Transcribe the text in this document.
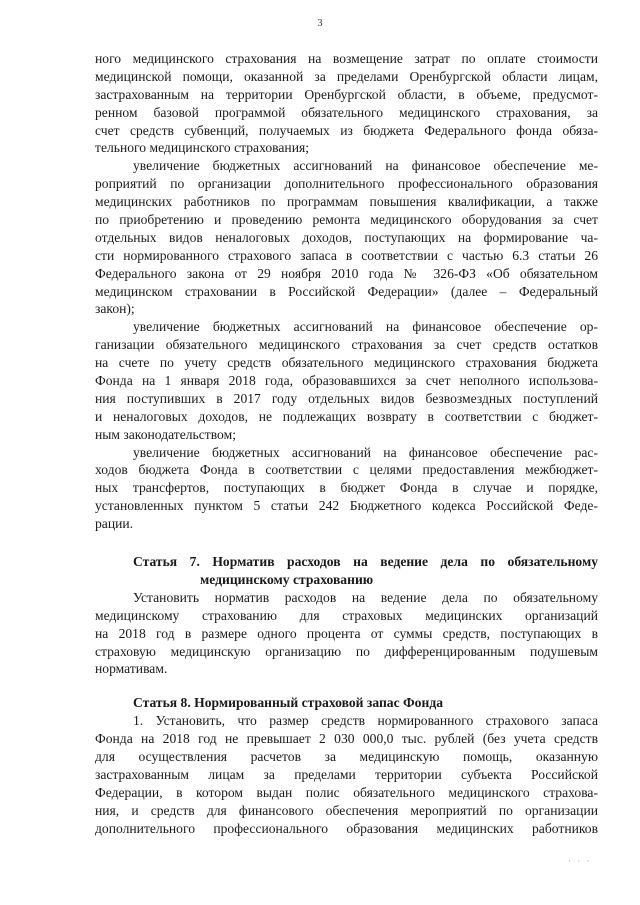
3
ного медицинского страхования на возмещение затрат по оплате стоимости
медицинской помощи, оказанной за пределами Оренбургской области лицам,
застрахованным на территории Оренбургской области, в объеме, предусмот-
ренном базовой программой обязательного медицинского страхования, за
счет средств субвенций, получаемых из бюджета Федерального фонда обяза-
тельного медицинского страхования;
увеличение бюджетных ассигнований на финансовое обеспечение ме-
роприятий по организации дополнительного профессионального образования
медицинских работников по программам повышения квалификации, а также
по приобретению и проведению ремонта медицинского оборудования за счет
отдельных видов неналоговых доходов, поступающих на формирование ча-
сти нормированного страхового запаса в соответствии с частью 6.3 статьи 26
Федерального закона от 29 ноября 2010 года № 326-ФЗ «Об обязательном
медицинском страховании в Российской Федерации» (далее – Федеральный
закон);
увеличение бюджетных ассигнований на финансовое обеспечение ор-
ганизации обязательного медицинского страхования за счет средств остатков
на счете по учету средств обязательного медицинского страхования бюджета
Фонда на 1 января 2018 года, образовавшихся за счет неполного использова-
ния поступивших в 2017 году отдельных видов безвозмездных поступлений
и неналоговых доходов, не подлежащих возврату в соответствии с бюджет-
ным законодательством;
увеличение бюджетных ассигнований на финансовое обеспечение рас-
ходов бюджета Фонда в соответствии с целями предоставления межбюджет-
ных трансфертов, поступающих в бюджет Фонда в случае и порядке,
установленных пунктом 5 статьи 242 Бюджетного кодекса Российской Феде-
рации.
Статья 7. Норматив расходов на ведение дела по обязательному
медицинскому страхованию
Установить норматив расходов на ведение дела по обязательному
медицинскому страхованию для страховых медицинских организаций
на 2018 год в размере одного процента от суммы средств, поступающих в
страховую медицинскую организацию по дифференцированным подушевым
нормативам.
Статья 8. Нормированный страховой запас Фонда
1. Установить, что размер средств нормированного страхового запаса
Фонда на 2018 год не превышает 2 030 000,0 тыс. рублей (без учета средств
для осуществления расчетов за медицинскую помощь, оказанную
застрахованным лицам за пределами территории субъекта Российской
Федерации, в котором выдан полис обязательного медицинского страхова-
ния, и средств для финансового обеспечения мероприятий по организации
дополнительного профессионального образования медицинских работников
· · ·
